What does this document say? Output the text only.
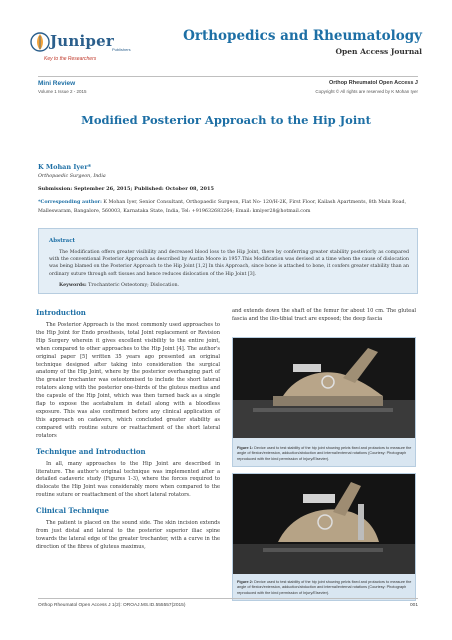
Juniper
Publishers
Key to the Researchers
Orthopedics and Rheumatology
Open Access Journal
Mini Review
Volume 1 Issue 2 - 2015
Orthop Rheumatol Open Access J
Copyright © All rights are reserved by K Mohan Iyer
Modified Posterior Approach to the Hip Joint
K Mohan Iyer*
Orthopaedic Surgeon, India
Submission: September 26, 2015; Published: October 08, 2015
*Corresponding author: K Mohan Iyer, Senior Consultant, Orthopaedic Surgeon, Flat No- 120/H-2K, First Floor, Kailash Apartments, 8th Main Road, Malleswaram, Bangalore, 560003, Karnataka State, India, Tel: +919632683264; Email: kmiyer28@hotmail.com
Abstract
The Modification offers greater visibility and decreased blood loss to the Hip Joint, there by conferring greater stability posteriorly as compared with the conventional Posterior Approach as described by Austin Moore in 1957.This Modification was devised at a time when the cause of dislocation was being blamed on the Posterior Approach to the Hip Joint [1,2] In this Approach, since bone is attached to bone, it confers greater stability than an ordinary suture through soft tissues and hence reduces dislocation of the Hip Joint [3].
Keywords: Trochanteric Osteotomy; Dislocation.
Introduction
The Posterior Approach is the most commonly used approaches to the Hip Joint for Endo prosthesis, total Joint replacement or Revision Hip Surgery wherein it gives excellent visibility to the entire joint, when compared to other approaches to the Hip Joint [4]. The author's original paper [5] written 35 years ago presented an original technique designed after taking into consideration the surgical anatomy of the Hip Joint, where by the posterior overhanging part of the greater trochanter was osteotomised to include the short lateral rotators along with the posterior one-thirds of the gluteus medius and the capsule of the Hip Joint, which was then turned back as a single flap to expose the acetabulum in detail along with a bloodless exposure. This was also confirmed before any clinical application of this approach on cadavers, which concluded greater stability as compared with routine suture or reattachment of the short lateral rotators
Technique and Introduction
In all, many approaches to the Hip Joint are described in literature. The author's original technique was implemented after a detailed cadaveric study (Figures 1-3), where the forces required to dislocate the Hip Joint was considerably more when compared to the routine suture or reattachment of the short lateral rotators.
Clinical Technique
The patient is placed on the sound side. The skin incision extends from just distal and lateral to the posterior superior iliac spine towards the lateral edge of the greater trochanter, with a curve in the direction of the fibres of gluteus maximus,
and extends down the shaft of the femur for about 10 cm. The gluteal fascia and the ilio-tibial tract are exposed; the deep fascia
Figure 1: Device used to test stability of the hip joint showing pelvis fixed and protactors to measure the angle of flexion/extension, adduction/abduction and internal/external rotations (Courtesy: Photograph reproduced with the kind permission of Injury/Elsevier).
Figure 2: Device used to test stability of the hip joint showing pelvis fixed and protactors to measure the angle of flexion/extension, adduction/abduction and internal/external rotations (Courtesy: Photograph reproduced with the kind permission of Injury/Elsevier).
Orthop Rheumatol Open Access J 1(2): OROAJ.MS.ID.555557(2015)	001
